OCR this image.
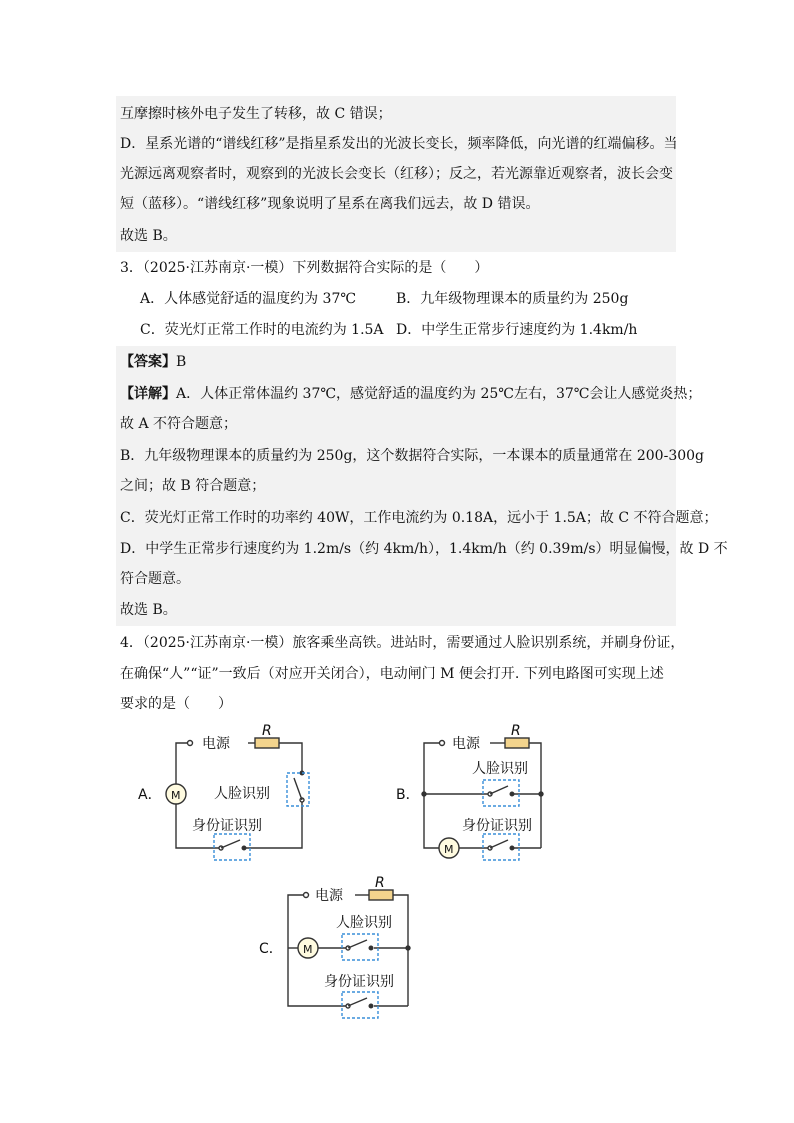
互摩擦时核外电子发生了转移，故 C 错误；
D．星系光谱的“谱线红移”是指星系发出的光波长变长，频率降低，向光谱的红端偏移。当
光源远离观察者时，观察到的光波长会变长（红移）；反之，若光源靠近观察者，波长会变
短（蓝移）。“谱线红移”现象说明了星系在离我们远去，故 D 错误。
故选 B。
3．（2025·江苏南京·一模）下列数据符合实际的是（　　）
A．人体感觉舒适的温度约为 37℃	B．九年级物理课本的质量约为 250g
C．荧光灯正常工作时的电流约为 1.5A D．中学生正常步行速度约为 1.4km/h
【答案】B
【详解】A．人体正常体温约 37℃，感觉舒适的温度约为 25℃左右，37℃会让人感觉炎热；
故 A 不符合题意；
B．九年级物理课本的质量约为 250g，这个数据符合实际，一本课本的质量通常在 200-300g
之间；故 B 符合题意；
C．荧光灯正常工作时的功率约 40W，工作电流约为 0.18A，远小于 1.5A；故 C 不符合题意；
D．中学生正常步行速度约为 1.2m/s（约 4km/h），1.4km/h（约 0.39m/s）明显偏慢，故 D 不
符合题意。
故选 B。
4．（2025·江苏南京·一模）旅客乘坐高铁。进站时，需要通过人脸识别系统，并刷身份证，
在确保“人”“证”一致后（对应开关闭合），电动闸门 M 便会打开. 下列电路图可实现上述
要求的是（　　）
A．
电源
R
M 人脸识别
身份证识别
B．
电源
R
人脸识别
身份证识别
M
C．
电源
R
人脸识别
M
身份证识别
